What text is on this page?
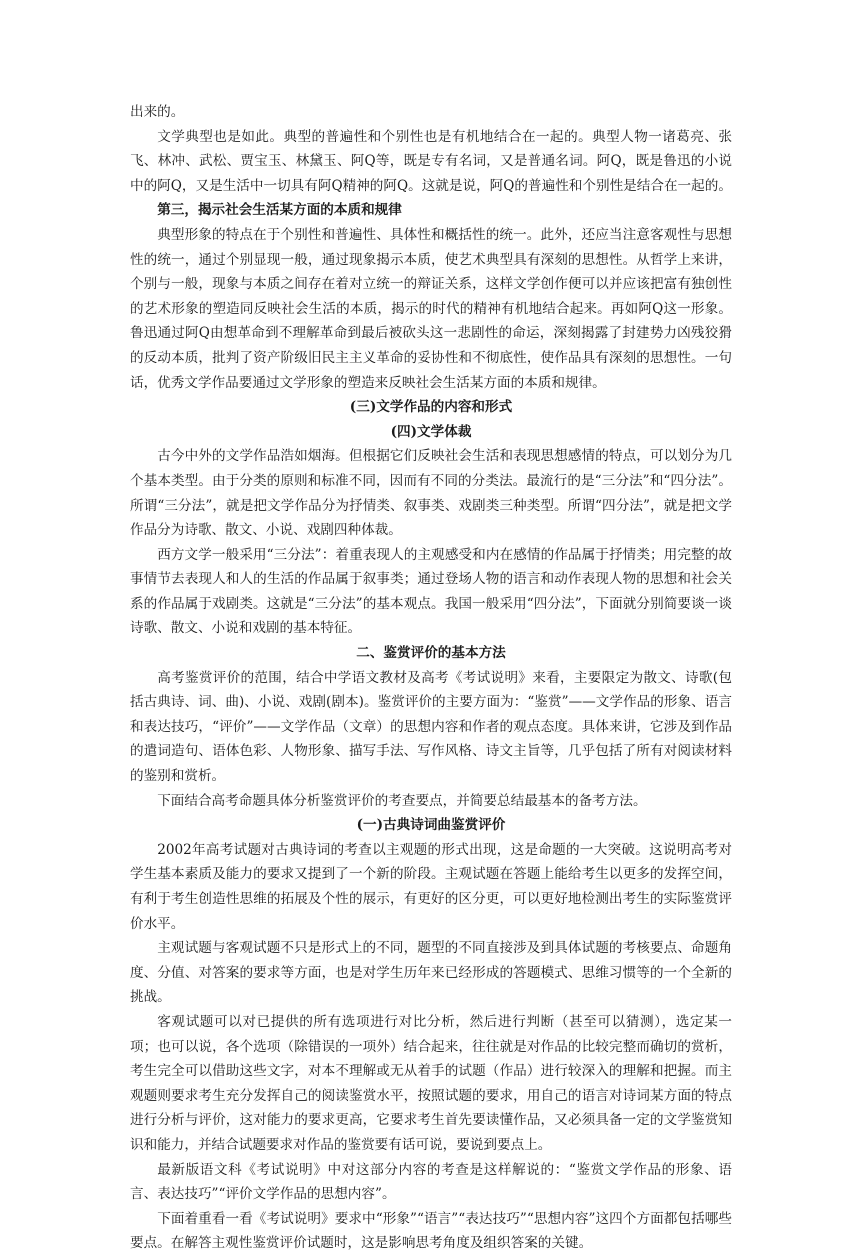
出来的。

文学典型也是如此。典型的普遍性和个别性也是有机地结合在一起的。典型人物一诸葛亮、张飞、林冲、武松、贾宝玉、林黛玉、阿Q等，既是专有名词，又是普通名词。阿Q，既是鲁迅的小说中的阿Q，又是生活中一切具有阿Q精神的阿Q。这就是说，阿Q的普遍性和个别性是结合在一起的。

第三，揭示社会生活某方面的本质和规律

典型形象的特点在于个别性和普遍性、具体性和概括性的统一。此外，还应当注意客观性与思想性的统一，通过个别显现一般，通过现象揭示本质，使艺术典型具有深刻的思想性。从哲学上来讲，个别与一般，现象与本质之间存在着对立统一的辩证关系，这样文学创作便可以并应该把富有独创性的艺术形象的塑造同反映社会生活的本质，揭示的时代的精神有机地结合起来。再如阿Q这一形象。鲁迅通过阿Q由想革命到不理解革命到最后被砍头这一悲剧性的命运，深刻揭露了封建势力凶残狡猾的反动本质，批判了资产阶级旧民主主义革命的妥协性和不彻底性，使作品具有深刻的思想性。一句话，优秀文学作品要通过文学形象的塑造来反映社会生活某方面的本质和规律。

(三)文学作品的内容和形式

(四)文学体裁

古今中外的文学作品浩如烟海。但根据它们反映社会生活和表现思想感情的特点，可以划分为几个基本类型。由于分类的原则和标准不同，因而有不同的分类法。最流行的是“三分法”和“四分法”。所谓“三分法”，就是把文学作品分为抒情类、叙事类、戏剧类三种类型。所谓“四分法”，就是把文学作品分为诗歌、散文、小说、戏剧四种体裁。

西方文学一般采用“三分法”：着重表现人的主观感受和内在感情的作品属于抒情类；用完整的故事情节去表现人和人的生活的作品属于叙事类；通过登场人物的语言和动作表现人物的思想和社会关系的作品属于戏剧类。这就是“三分法”的基本观点。我国一般采用“四分法”，下面就分别简要谈一谈诗歌、散文、小说和戏剧的基本特征。

二、鉴赏评价的基本方法

高考鉴赏评价的范围，结合中学语文教材及高考《考试说明》来看，主要限定为散文、诗歌(包括古典诗、词、曲)、小说、戏剧(剧本)。鉴赏评价的主要方面为：“鉴赏”——文学作品的形象、语言和表达技巧，“评价”——文学作品（文章）的思想内容和作者的观点态度。具体来讲，它涉及到作品的遣词造句、语体色彩、人物形象、描写手法、写作风格、诗文主旨等，几乎包括了所有对阅读材料的鉴别和赏析。

下面结合高考命题具体分析鉴赏评价的考查要点，并简要总结最基本的备考方法。

(一)古典诗词曲鉴赏评价

2002年高考试题对古典诗词的考查以主观题的形式出现，这是命题的一大突破。这说明高考对学生基本素质及能力的要求又提到了一个新的阶段。主观试题在答题上能给考生以更多的发挥空间，有利于考生创造性思维的拓展及个性的展示，有更好的区分更，可以更好地检测出考生的实际鉴赏评价水平。

主观试题与客观试题不只是形式上的不同，题型的不同直接涉及到具体试题的考核要点、命题角度、分值、对答案的要求等方面，也是对学生历年来已经形成的答题模式、思维习惯等的一个全新的挑战。

客观试题可以对已提供的所有选项进行对比分析，然后进行判断（甚至可以猜测），选定某一项；也可以说，各个选项（除错误的一项外）结合起来，往往就是对作品的比较完整而确切的赏析，考生完全可以借助这些文字，对本不理解或无从着手的试题（作品）进行较深入的理解和把握。而主观题则要求考生充分发挥自己的阅读鉴赏水平，按照试题的要求，用自己的语言对诗词某方面的特点进行分析与评价，这对能力的要求更高，它要求考生首先要读懂作品，又必须具备一定的文学鉴赏知识和能力，并结合试题要求对作品的鉴赏要有话可说，要说到要点上。

最新版语文科《考试说明》中对这部分内容的考查是这样解说的：“鉴赏文学作品的形象、语言、表达技巧”“评价文学作品的思想内容”。

下面着重看一看《考试说明》要求中“形象”“语言”“表达技巧”“思想内容”这四个方面都包括哪些要点。在解答主观性鉴赏评价试题时，这是影响思考角度及组织答案的关键。
